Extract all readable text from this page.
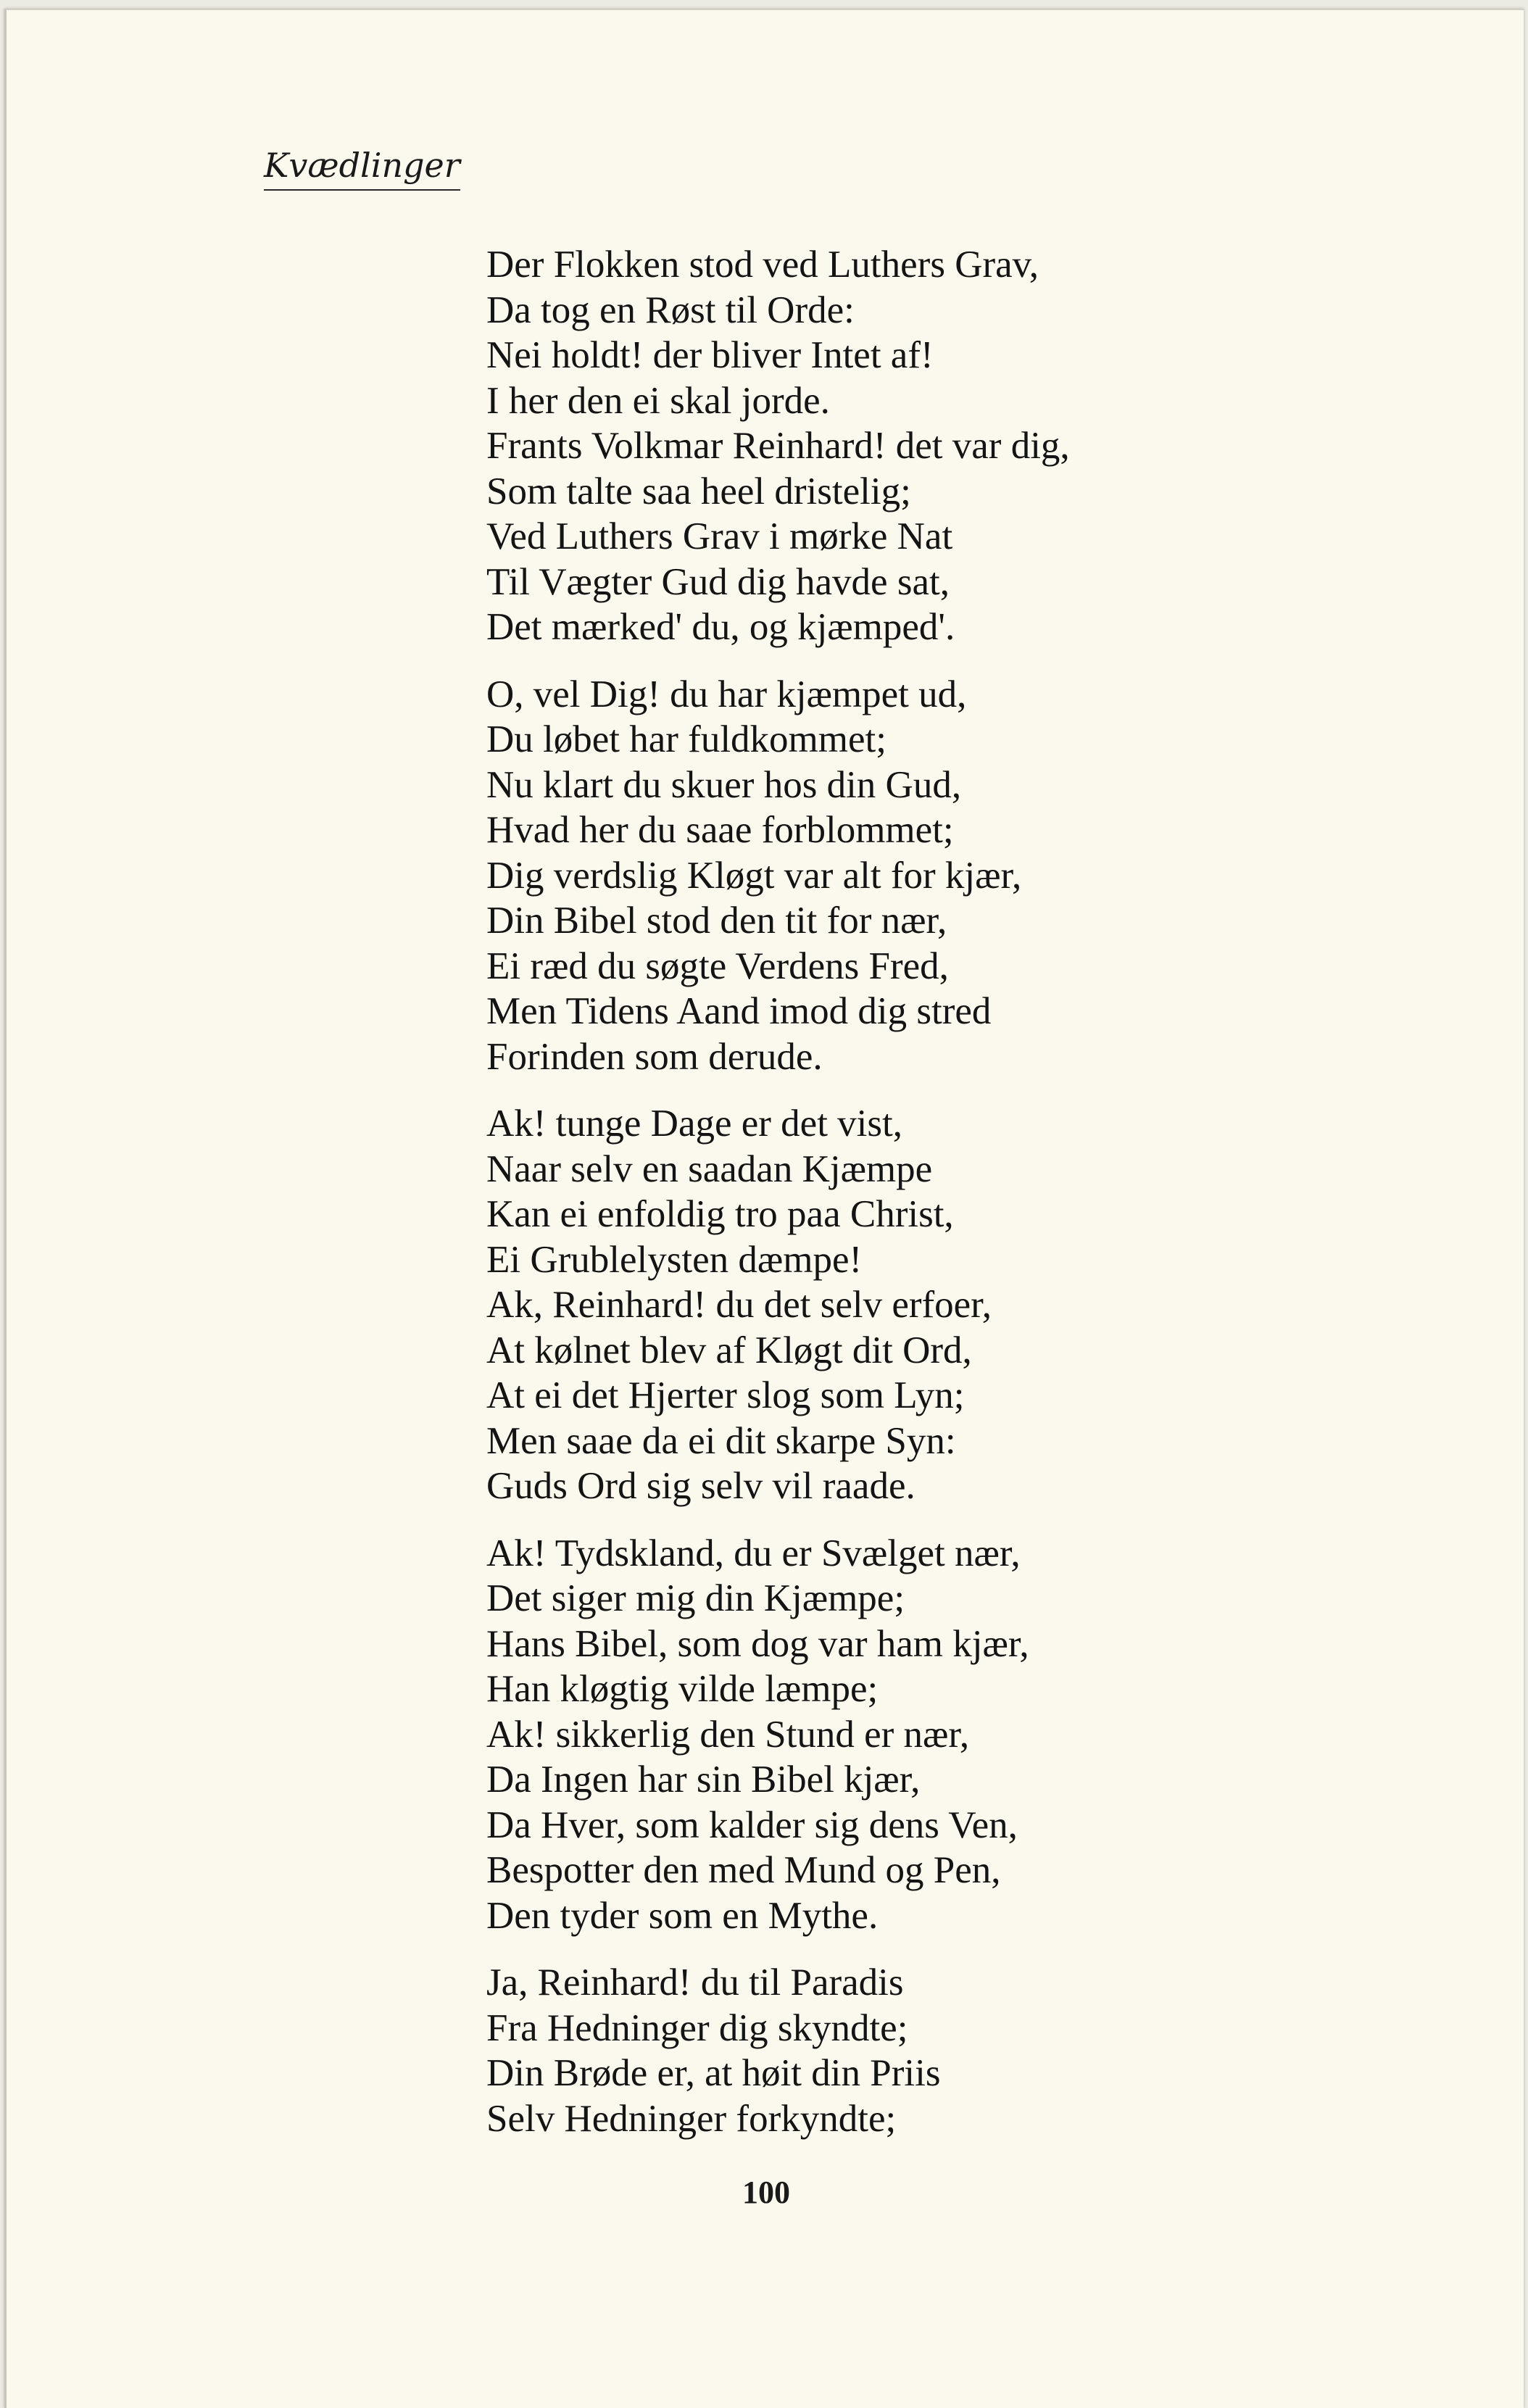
Kvædlinger
Der Flokken stod ved Luthers Grav,
Da tog en Røst til Orde:
Nei holdt! der bliver Intet af!
I her den ei skal jorde.
Frants Volkmar Reinhard! det var dig,
Som talte saa heel dristelig;
Ved Luthers Grav i mørke Nat
Til Vægter Gud dig havde sat,
Det mærked' du, og kjæmped'.
O, vel Dig! du har kjæmpet ud,
Du løbet har fuldkommet;
Nu klart du skuer hos din Gud,
Hvad her du saae forblommet;
Dig verdslig Kløgt var alt for kjær,
Din Bibel stod den tit for nær,
Ei ræd du søgte Verdens Fred,
Men Tidens Aand imod dig stred
Forinden som derude.
Ak! tunge Dage er det vist,
Naar selv en saadan Kjæmpe
Kan ei enfoldig tro paa Christ,
Ei Grublelysten dæmpe!
Ak, Reinhard! du det selv erfoer,
At kølnet blev af Kløgt dit Ord,
At ei det Hjerter slog som Lyn;
Men saae da ei dit skarpe Syn:
Guds Ord sig selv vil raade.
Ak! Tydskland, du er Svælget nær,
Det siger mig din Kjæmpe;
Hans Bibel, som dog var ham kjær,
Han kløgtig vilde læmpe;
Ak! sikkerlig den Stund er nær,
Da Ingen har sin Bibel kjær,
Da Hver, som kalder sig dens Ven,
Bespotter den med Mund og Pen,
Den tyder som en Mythe.
Ja, Reinhard! du til Paradis
Fra Hedninger dig skyndte;
Din Brøde er, at høit din Priis
Selv Hedninger forkyndte;
100
